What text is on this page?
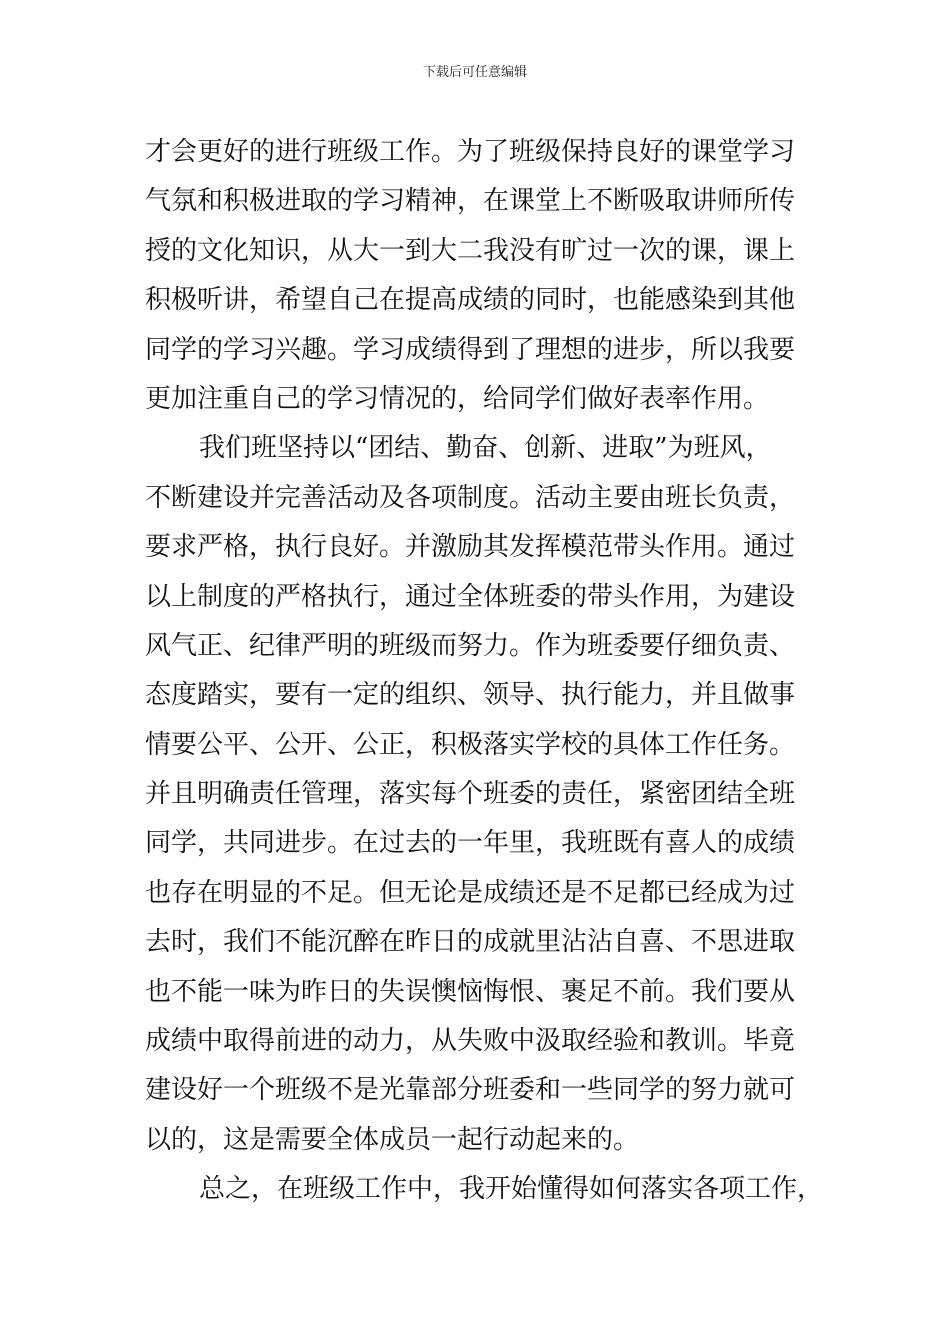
下载后可任意编辑
才会更好的进行班级工作。为了班级保持良好的课堂学习
气氛和积极进取的学习精神，在课堂上不断吸取讲师所传
授的文化知识，从大一到大二我没有旷过一次的课，课上
积极听讲，希望自己在提高成绩的同时，也能感染到其他
同学的学习兴趣。学习成绩得到了理想的进步，所以我要
更加注重自己的学习情况的，给同学们做好表率作用。
我们班坚持以“团结、勤奋、创新、进取”为班风，
不断建设并完善活动及各项制度。活动主要由班长负责，
要求严格，执行良好。并激励其发挥模范带头作用。通过
以上制度的严格执行，通过全体班委的带头作用，为建设
风气正、纪律严明的班级而努力。作为班委要仔细负责、
态度踏实，要有一定的组织、领导、执行能力，并且做事
情要公平、公开、公正，积极落实学校的具体工作任务。
并且明确责任管理，落实每个班委的责任，紧密团结全班
同学，共同进步。在过去的一年里，我班既有喜人的成绩
也存在明显的不足。但无论是成绩还是不足都已经成为过
去时，我们不能沉醉在昨日的成就里沾沾自喜、不思进取
也不能一味为昨日的失误懊恼悔恨、裹足不前。我们要从
成绩中取得前进的动力，从失败中汲取经验和教训。毕竟
建设好一个班级不是光靠部分班委和一些同学的努力就可
以的，这是需要全体成员一起行动起来的。
总之，在班级工作中，我开始懂得如何落实各项工作，
